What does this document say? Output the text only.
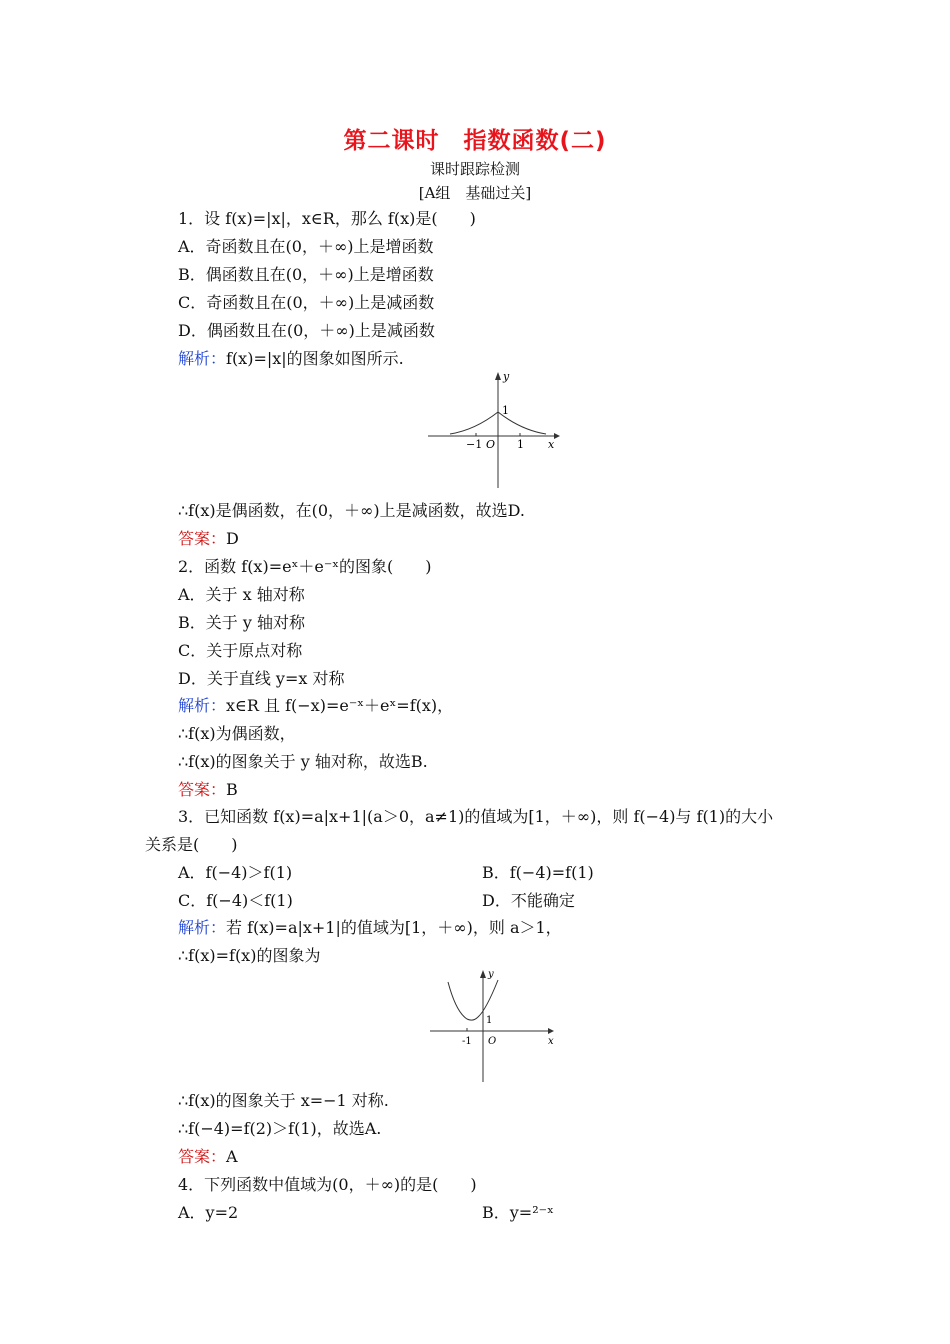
第二课时　指数函数(二)
课时跟踪检测
[A组　基础过关]
1．设 f(x)=|x|，x∈R，那么 f(x)是(　　)
A．奇函数且在(0，＋∞)上是增函数
B．偶函数且在(0，＋∞)上是增函数
C．奇函数且在(0，＋∞)上是减函数
D．偶函数且在(0，＋∞)上是减函数
解析：f(x)=|x|的图象如图所示.
y
x
1
−1 O 1
∴f(x)是偶函数，在(0，＋∞)上是减函数，故选D.
答案：D
2．函数 f(x)=eˣ＋e⁻ˣ的图象(　　)
A．关于 x 轴对称
B．关于 y 轴对称
C．关于原点对称
D．关于直线 y=x 对称
解析：x∈R 且 f(−x)=e⁻ˣ＋eˣ=f(x)，
∴f(x)为偶函数，
∴f(x)的图象关于 y 轴对称，故选B.
答案：B
3．已知函数 f(x)=a|x+1|(a＞0，a≠1)的值域为[1，＋∞)，则 f(−4)与 f(1)的大小
关系是(　　)
A．f(−4)＞f(1)	B．f(−4)=f(1)
C．f(−4)＜f(1)	D．不能确定
解析：若 f(x)=a|x+1|的值域为[1，＋∞)，则 a＞1，
∴f(x)=f(x)的图象为
y
x
1
-1 O
∴f(x)的图象关于 x=−1 对称.
∴f(−4)=f(2)＞f(1)，故选A.
答案：A
4．下列函数中值域为(0，＋∞)的是(　　)
A．y=2	B．y=²⁻ˣ
